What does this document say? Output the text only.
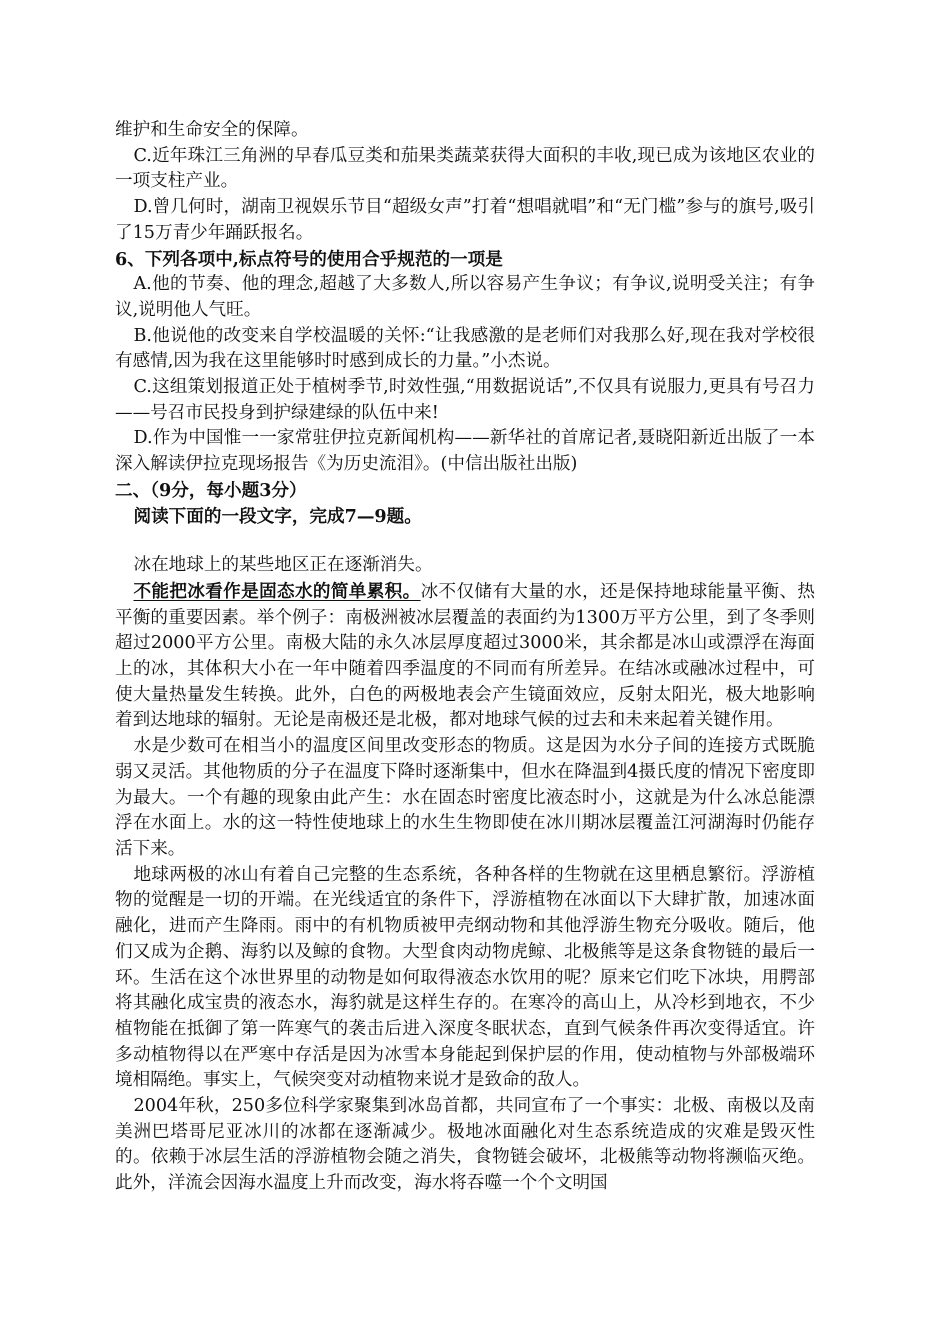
维护和生命安全的保障。

C.近年珠江三角洲的早春瓜豆类和茄果类蔬菜获得大面积的丰收,现已成为该地区农业的一项支柱产业。

D.曾几何时，湖南卫视娱乐节目“超级女声”打着“想唱就唱”和“无门槛”参与的旗号,吸引了15万青少年踊跃报名。

6、下列各项中,标点符号的使用合乎规范的一项是

A.他的节奏、他的理念,超越了大多数人,所以容易产生争议；有争议,说明受关注；有争议,说明他人气旺。

B.他说他的改变来自学校温暖的关怀:“让我感激的是老师们对我那么好,现在我对学校很有感情,因为我在这里能够时时感到成长的力量。”小杰说。

C.这组策划报道正处于植树季节,时效性强,“用数据说话”,不仅具有说服力,更具有号召力——号召市民投身到护绿建绿的队伍中来!

D.作为中国惟一一家常驻伊拉克新闻机构——新华社的首席记者,聂晓阳新近出版了一本深入解读伊拉克现场报告《为历史流泪》。(中信出版社出版)

二、（9分，每小题3分）

阅读下面的一段文字，完成7—9题。

冰在地球上的某些地区正在逐渐消失。

不能把冰看作是固态水的简单累积。冰不仅储有大量的水，还是保持地球能量平衡、热平衡的重要因素。举个例子：南极洲被冰层覆盖的表面约为1300万平方公里，到了冬季则超过2000平方公里。南极大陆的永久冰层厚度超过3000米，其余都是冰山或漂浮在海面上的冰，其体积大小在一年中随着四季温度的不同而有所差异。在结冰或融冰过程中，可使大量热量发生转换。此外，白色的两极地表会产生镜面效应，反射太阳光，极大地影响着到达地球的辐射。无论是南极还是北极，都对地球气候的过去和未来起着关键作用。

水是少数可在相当小的温度区间里改变形态的物质。这是因为水分子间的连接方式既脆弱又灵活。其他物质的分子在温度下降时逐渐集中，但水在降温到4摄氏度的情况下密度即为最大。一个有趣的现象由此产生：水在固态时密度比液态时小，这就是为什么冰总能漂浮在水面上。水的这一特性使地球上的水生生物即使在冰川期冰层覆盖江河湖海时仍能存活下来。

地球两极的冰山有着自己完整的生态系统，各种各样的生物就在这里栖息繁衍。浮游植物的觉醒是一切的开端。在光线适宜的条件下，浮游植物在冰面以下大肆扩散，加速冰面融化，进而产生降雨。雨中的有机物质被甲壳纲动物和其他浮游生物充分吸收。随后，他们又成为企鹅、海豹以及鲸的食物。大型食肉动物虎鲸、北极熊等是这条食物链的最后一环。生活在这个冰世界里的动物是如何取得液态水饮用的呢？原来它们吃下冰块，用腭部将其融化成宝贵的液态水，海豹就是这样生存的。在寒冷的高山上，从冷杉到地衣，不少植物能在抵御了第一阵寒气的袭击后进入深度冬眠状态，直到气候条件再次变得适宜。许多动植物得以在严寒中存活是因为冰雪本身能起到保护层的作用，使动植物与外部极端环境相隔绝。事实上，气候突变对动植物来说才是致命的敌人。

2004年秋，250多位科学家聚集到冰岛首都，共同宣布了一个事实：北极、南极以及南美洲巴塔哥尼亚冰川的冰都在逐渐减少。极地冰面融化对生态系统造成的灾难是毁灭性的。依赖于冰层生活的浮游植物会随之消失，食物链会破坏，北极熊等动物将濒临灭绝。此外，洋流会因海水温度上升而改变，海水将吞噬一个个文明国
